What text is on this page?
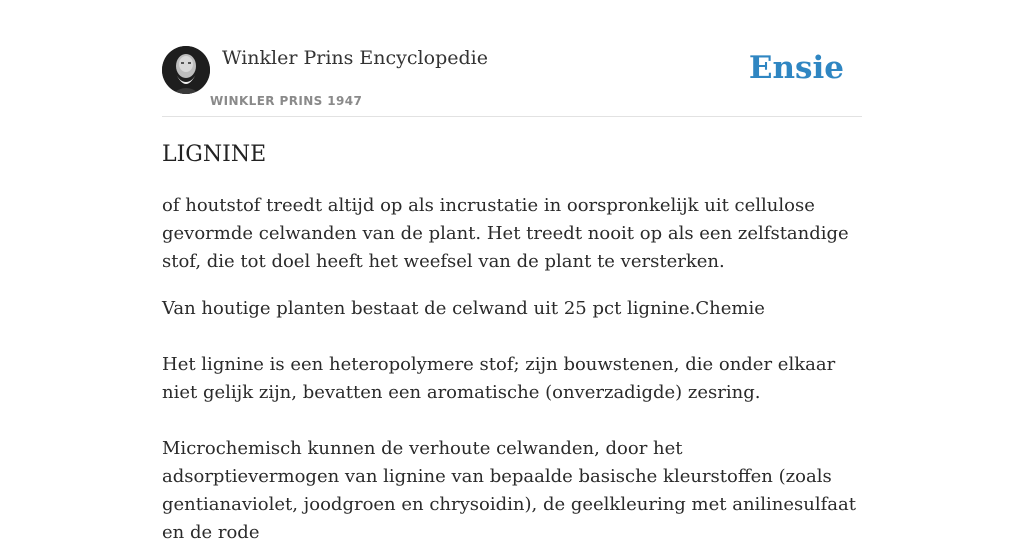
Winkler Prins Encyclopedie
WINKLER PRINS 1947
Ensie
LIGNINE

of houtstof treedt altijd op als incrustatie in oorspronkelijk uit cellulose gevormde celwanden van de plant. Het treedt nooit op als een zelfstandige stof, die tot doel heeft het weefsel van de plant te versterken.

Van houtige planten bestaat de celwand uit 25 pct lignine.Chemie

Het lignine is een heteropolymere stof; zijn bouwstenen, die onder elkaar niet gelijk zijn, bevatten een aromatische (onverzadigde) zesring.

Microchemisch kunnen de verhoute celwanden, door het adsorptievermogen van lignine van bepaalde basische kleurstoffen (zoals gentianaviolet, joodgroen en chrysoidin), de geelkleuring met anilinesulfaat en de rode
